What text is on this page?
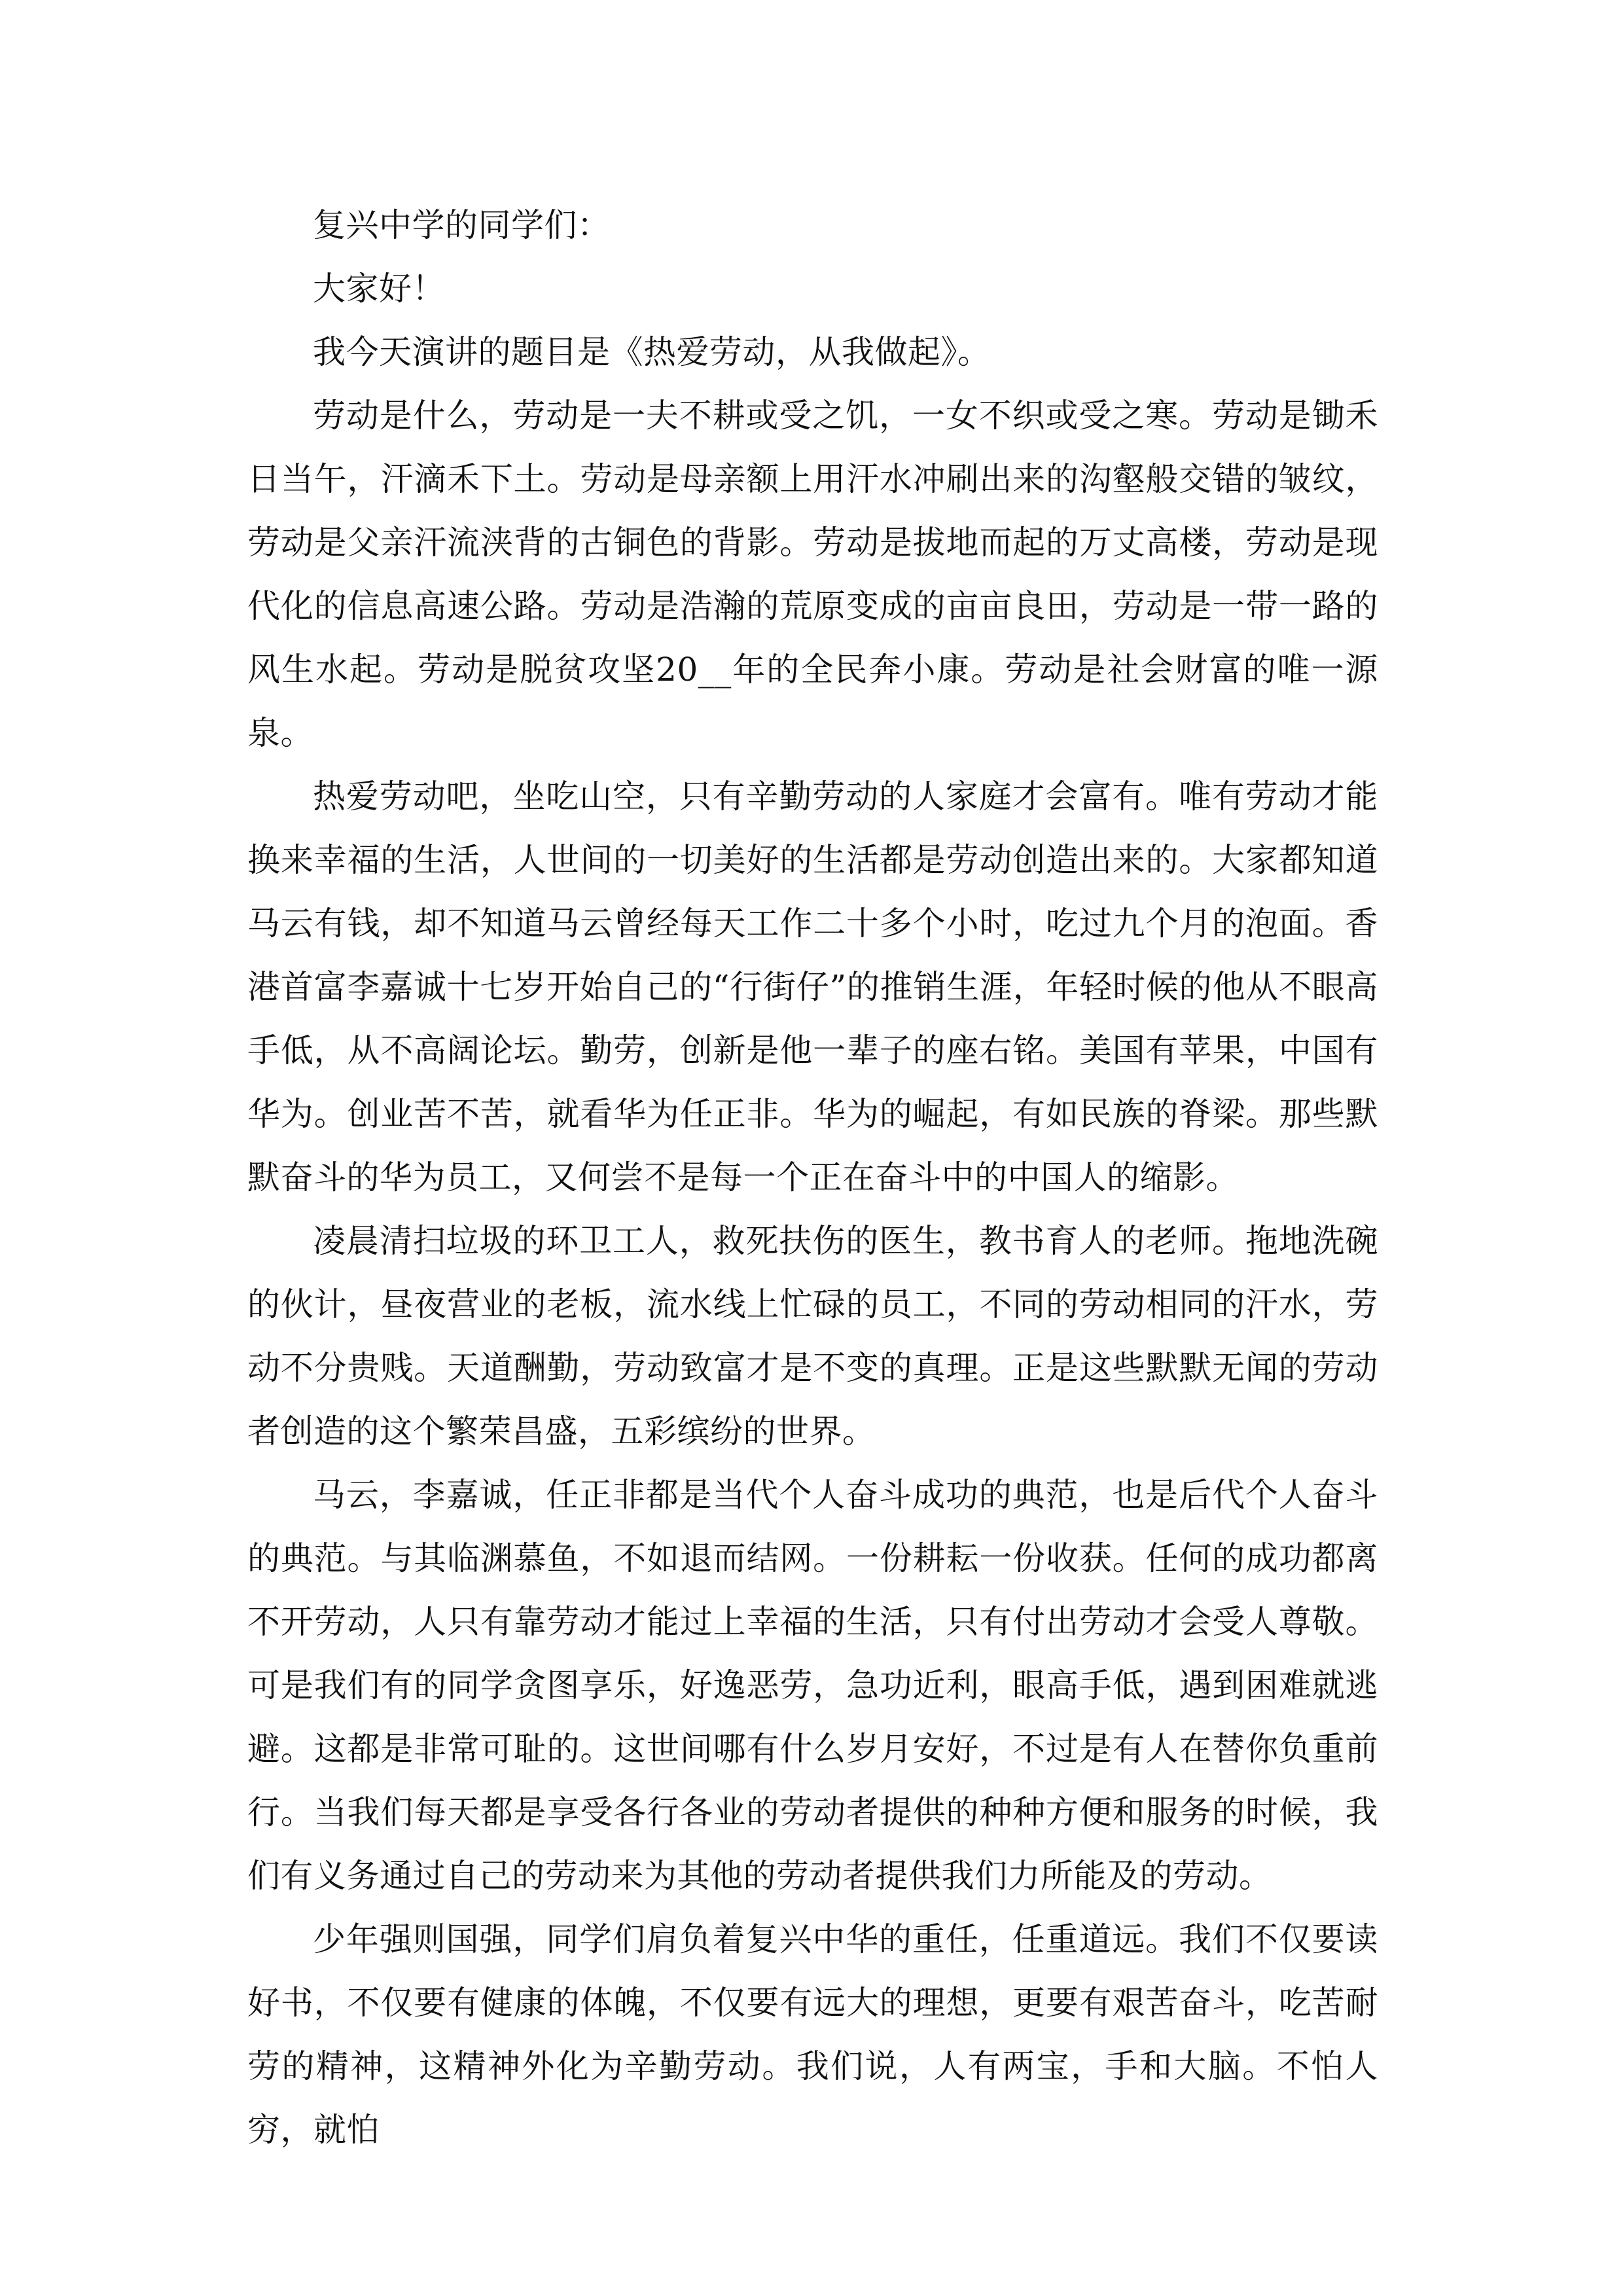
复兴中学的同学们：

大家好！

我今天演讲的题目是《热爱劳动，从我做起》。

劳动是什么，劳动是一夫不耕或受之饥，一女不织或受之寒。劳动是锄禾日当午，汗滴禾下土。劳动是母亲额上用汗水冲刷出来的沟壑般交错的皱纹，劳动是父亲汗流浃背的古铜色的背影。劳动是拔地而起的万丈高楼，劳动是现代化的信息高速公路。劳动是浩瀚的荒原变成的亩亩良田，劳动是一带一路的风生水起。劳动是脱贫攻坚20__年的全民奔小康。劳动是社会财富的唯一源泉。

热爱劳动吧，坐吃山空，只有辛勤劳动的人家庭才会富有。唯有劳动才能换来幸福的生活，人世间的一切美好的生活都是劳动创造出来的。大家都知道马云有钱，却不知道马云曾经每天工作二十多个小时，吃过九个月的泡面。香港首富李嘉诚十七岁开始自己的“行街仔”的推销生涯，年轻时候的他从不眼高手低，从不高阔论坛。勤劳，创新是他一辈子的座右铭。美国有苹果，中国有华为。创业苦不苦，就看华为任正非。华为的崛起，有如民族的脊梁。那些默默奋斗的华为员工，又何尝不是每一个正在奋斗中的中国人的缩影。

凌晨清扫垃圾的环卫工人，救死扶伤的医生，教书育人的老师。拖地洗碗的伙计，昼夜营业的老板，流水线上忙碌的员工，不同的劳动相同的汗水，劳动不分贵贱。天道酬勤，劳动致富才是不变的真理。正是这些默默无闻的劳动者创造的这个繁荣昌盛，五彩缤纷的世界。

马云，李嘉诚，任正非都是当代个人奋斗成功的典范，也是后代个人奋斗的典范。与其临渊慕鱼，不如退而结网。一份耕耘一份收获。任何的成功都离不开劳动，人只有靠劳动才能过上幸福的生活，只有付出劳动才会受人尊敬。可是我们有的同学贪图享乐，好逸恶劳，急功近利，眼高手低，遇到困难就逃避。这都是非常可耻的。这世间哪有什么岁月安好，不过是有人在替你负重前行。当我们每天都是享受各行各业的劳动者提供的种种方便和服务的时候，我们有义务通过自己的劳动来为其他的劳动者提供我们力所能及的劳动。

少年强则国强，同学们肩负着复兴中华的重任，任重道远。我们不仅要读好书，不仅要有健康的体魄，不仅要有远大的理想，更要有艰苦奋斗，吃苦耐劳的精神，这精神外化为辛勤劳动。我们说，人有两宝，手和大脑。不怕人穷，就怕
